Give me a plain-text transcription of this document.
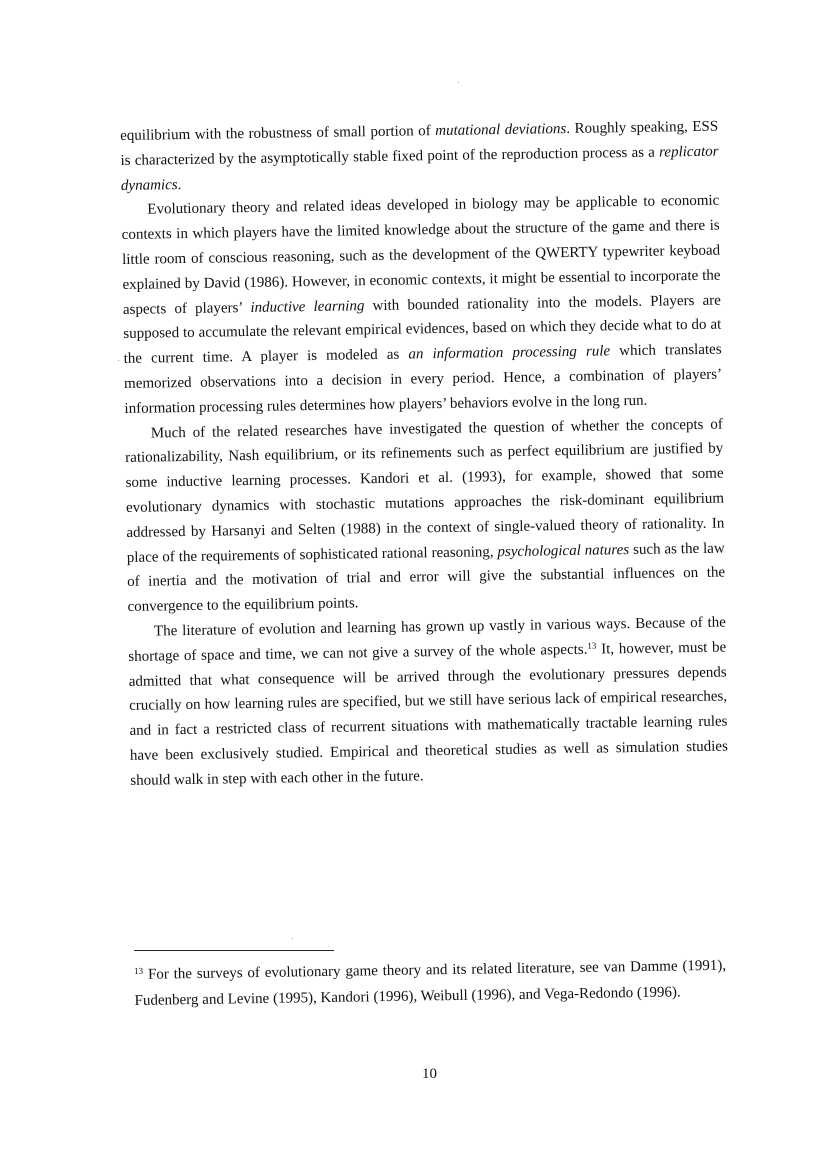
equilibrium with the robustness of small portion of mutational deviations. Roughly speaking, ESS is characterized by the asymptotically stable fixed point of the reproduction process as a replicator dynamics.

Evolutionary theory and related ideas developed in biology may be applicable to economic contexts in which players have the limited knowledge about the structure of the game and there is little room of conscious reasoning, such as the development of the QWERTY typewriter keyboad explained by David (1986). However, in economic contexts, it might be essential to incorporate the aspects of players’ inductive learning with bounded rationality into the models. Players are supposed to accumulate the relevant empirical evidences, based on which they decide what to do at the current time. A player is modeled as an information processing rule which translates memorized observations into a decision in every period. Hence, a combination of players’ information processing rules determines how players’ behaviors evolve in the long run.

Much of the related researches have investigated the question of whether the concepts of rationalizability, Nash equilibrium, or its refinements such as perfect equilibrium are justified by some inductive learning processes. Kandori et al. (1993), for example, showed that some evolutionary dynamics with stochastic mutations approaches the risk-dominant equilibrium addressed by Harsanyi and Selten (1988) in the context of single-valued theory of rationality. In place of the requirements of sophisticated rational reasoning, psychological natures such as the law of inertia and the motivation of trial and error will give the substantial influences on the convergence to the equilibrium points.

The literature of evolution and learning has grown up vastly in various ways. Because of the shortage of space and time, we can not give a survey of the whole aspects.$^{13}$ It, however, must be admitted that what consequence will be arrived through the evolutionary pressures depends crucially on how learning rules are specified, but we still have serious lack of empirical researches, and in fact a restricted class of recurrent situations with mathematically tractable learning rules have been exclusively studied. Empirical and theoretical studies as well as simulation studies should walk in step with each other in the future.

$^{13}$ For the surveys of evolutionary game theory and its related literature, see van Damme (1991), Fudenberg and Levine (1995), Kandori (1996), Weibull (1996), and Vega-Redondo (1996).
10
